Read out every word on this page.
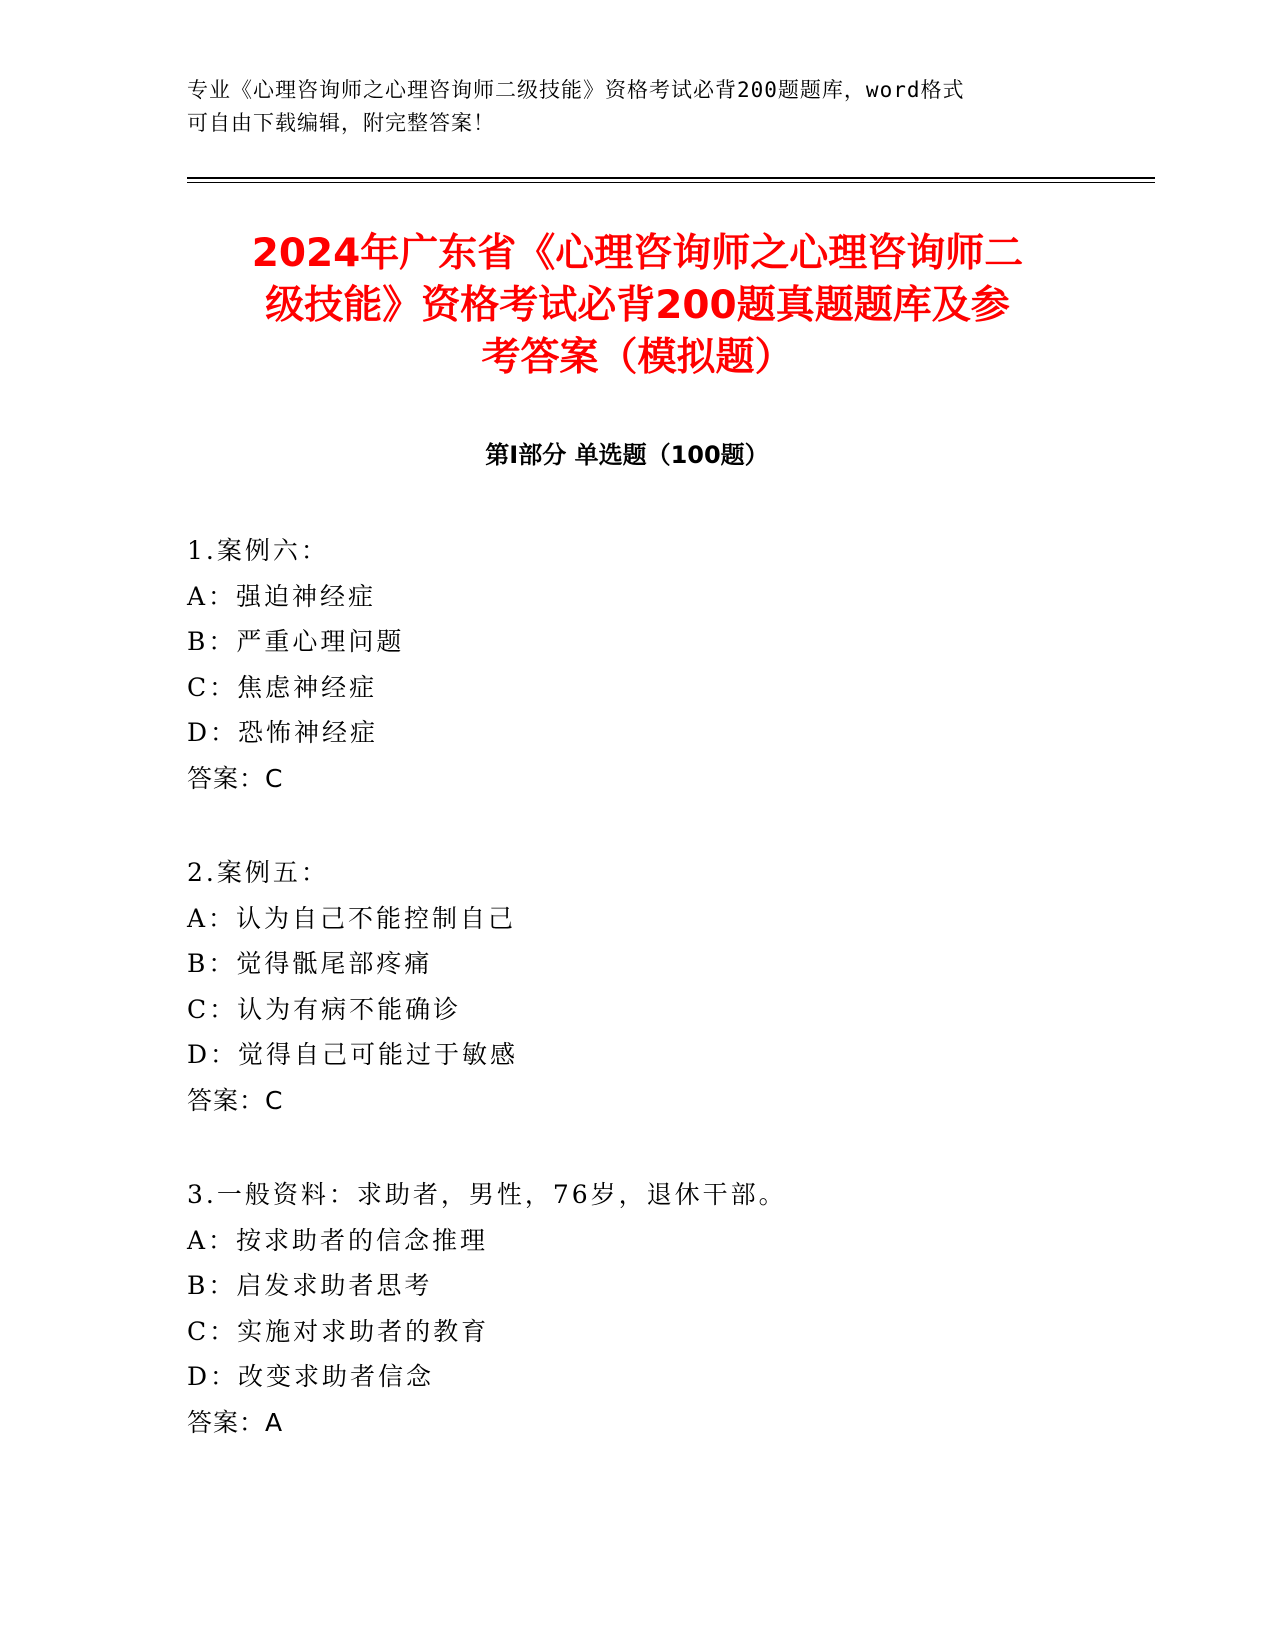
专业《心理咨询师之心理咨询师二级技能》资格考试必背200题题库，word格式
可自由下载编辑，附完整答案！
2024年广东省《心理咨询师之心理咨询师二
级技能》资格考试必背200题真题题库及参
考答案（模拟题）
第Ⅰ部分 单选题（100题）
1.案例六：
A：强迫神经症
B：严重心理问题
C：焦虑神经症
D：恐怖神经症
答案：C
2.案例五：
A：认为自己不能控制自己
B：觉得骶尾部疼痛
C：认为有病不能确诊
D：觉得自己可能过于敏感
答案：C
3.一般资料：求助者，男性，76岁，退休干部。
A：按求助者的信念推理
B：启发求助者思考
C：实施对求助者的教育
D：改变求助者信念
答案：A
